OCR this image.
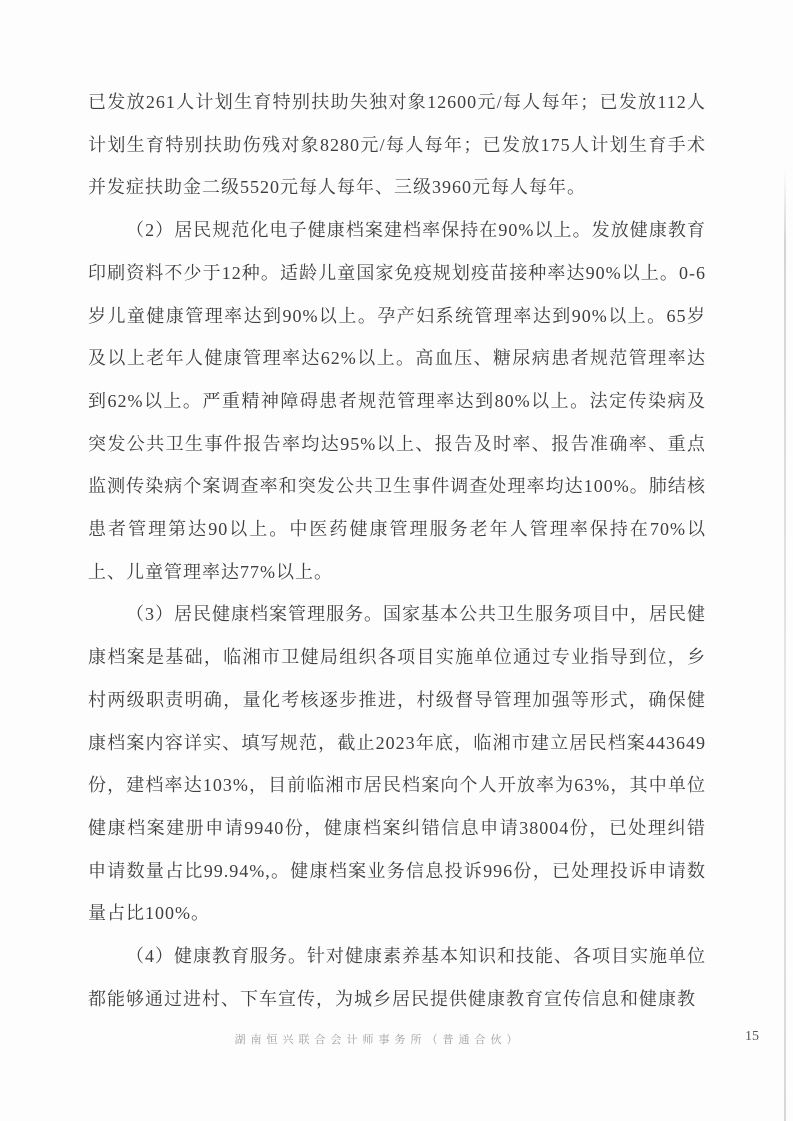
已发放261人计划生育特别扶助失独对象12600元/每人每年；已发放112人计划生育特别扶助伤残对象8280元/每人每年；已发放175人计划生育手术并发症扶助金二级5520元每人每年、三级3960元每人每年。

（2）居民规范化电子健康档案建档率保持在90%以上。发放健康教育印刷资料不少于12种。适龄儿童国家免疫规划疫苗接种率达90%以上。0-6岁儿童健康管理率达到90%以上。孕产妇系统管理率达到90%以上。65岁及以上老年人健康管理率达62%以上。高血压、糖尿病患者规范管理率达到62%以上。严重精神障碍患者规范管理率达到80%以上。法定传染病及突发公共卫生事件报告率均达95%以上、报告及时率、报告准确率、重点监测传染病个案调查率和突发公共卫生事件调查处理率均达100%。肺结核患者管理第达90以上。中医药健康管理服务老年人管理率保持在70%以上、儿童管理率达77%以上。

（3）居民健康档案管理服务。国家基本公共卫生服务项目中，居民健康档案是基础，临湘市卫健局组织各项目实施单位通过专业指导到位，乡村两级职责明确，量化考核逐步推进，村级督导管理加强等形式，确保健康档案内容详实、填写规范，截止2023年底，临湘市建立居民档案443649份，建档率达103%，目前临湘市居民档案向个人开放率为63%，其中单位健康档案建册申请9940份，健康档案纠错信息申请38004份，已处理纠错申请数量占比99.94%,。健康档案业务信息投诉996份，已处理投诉申请数量占比100%。

（4）健康教育服务。针对健康素养基本知识和技能、各项目实施单位都能够通过进村、下车宣传，为城乡居民提供健康教育宣传信息和健康教

湖南恒兴联合会计师事务所（普通合伙）	15
